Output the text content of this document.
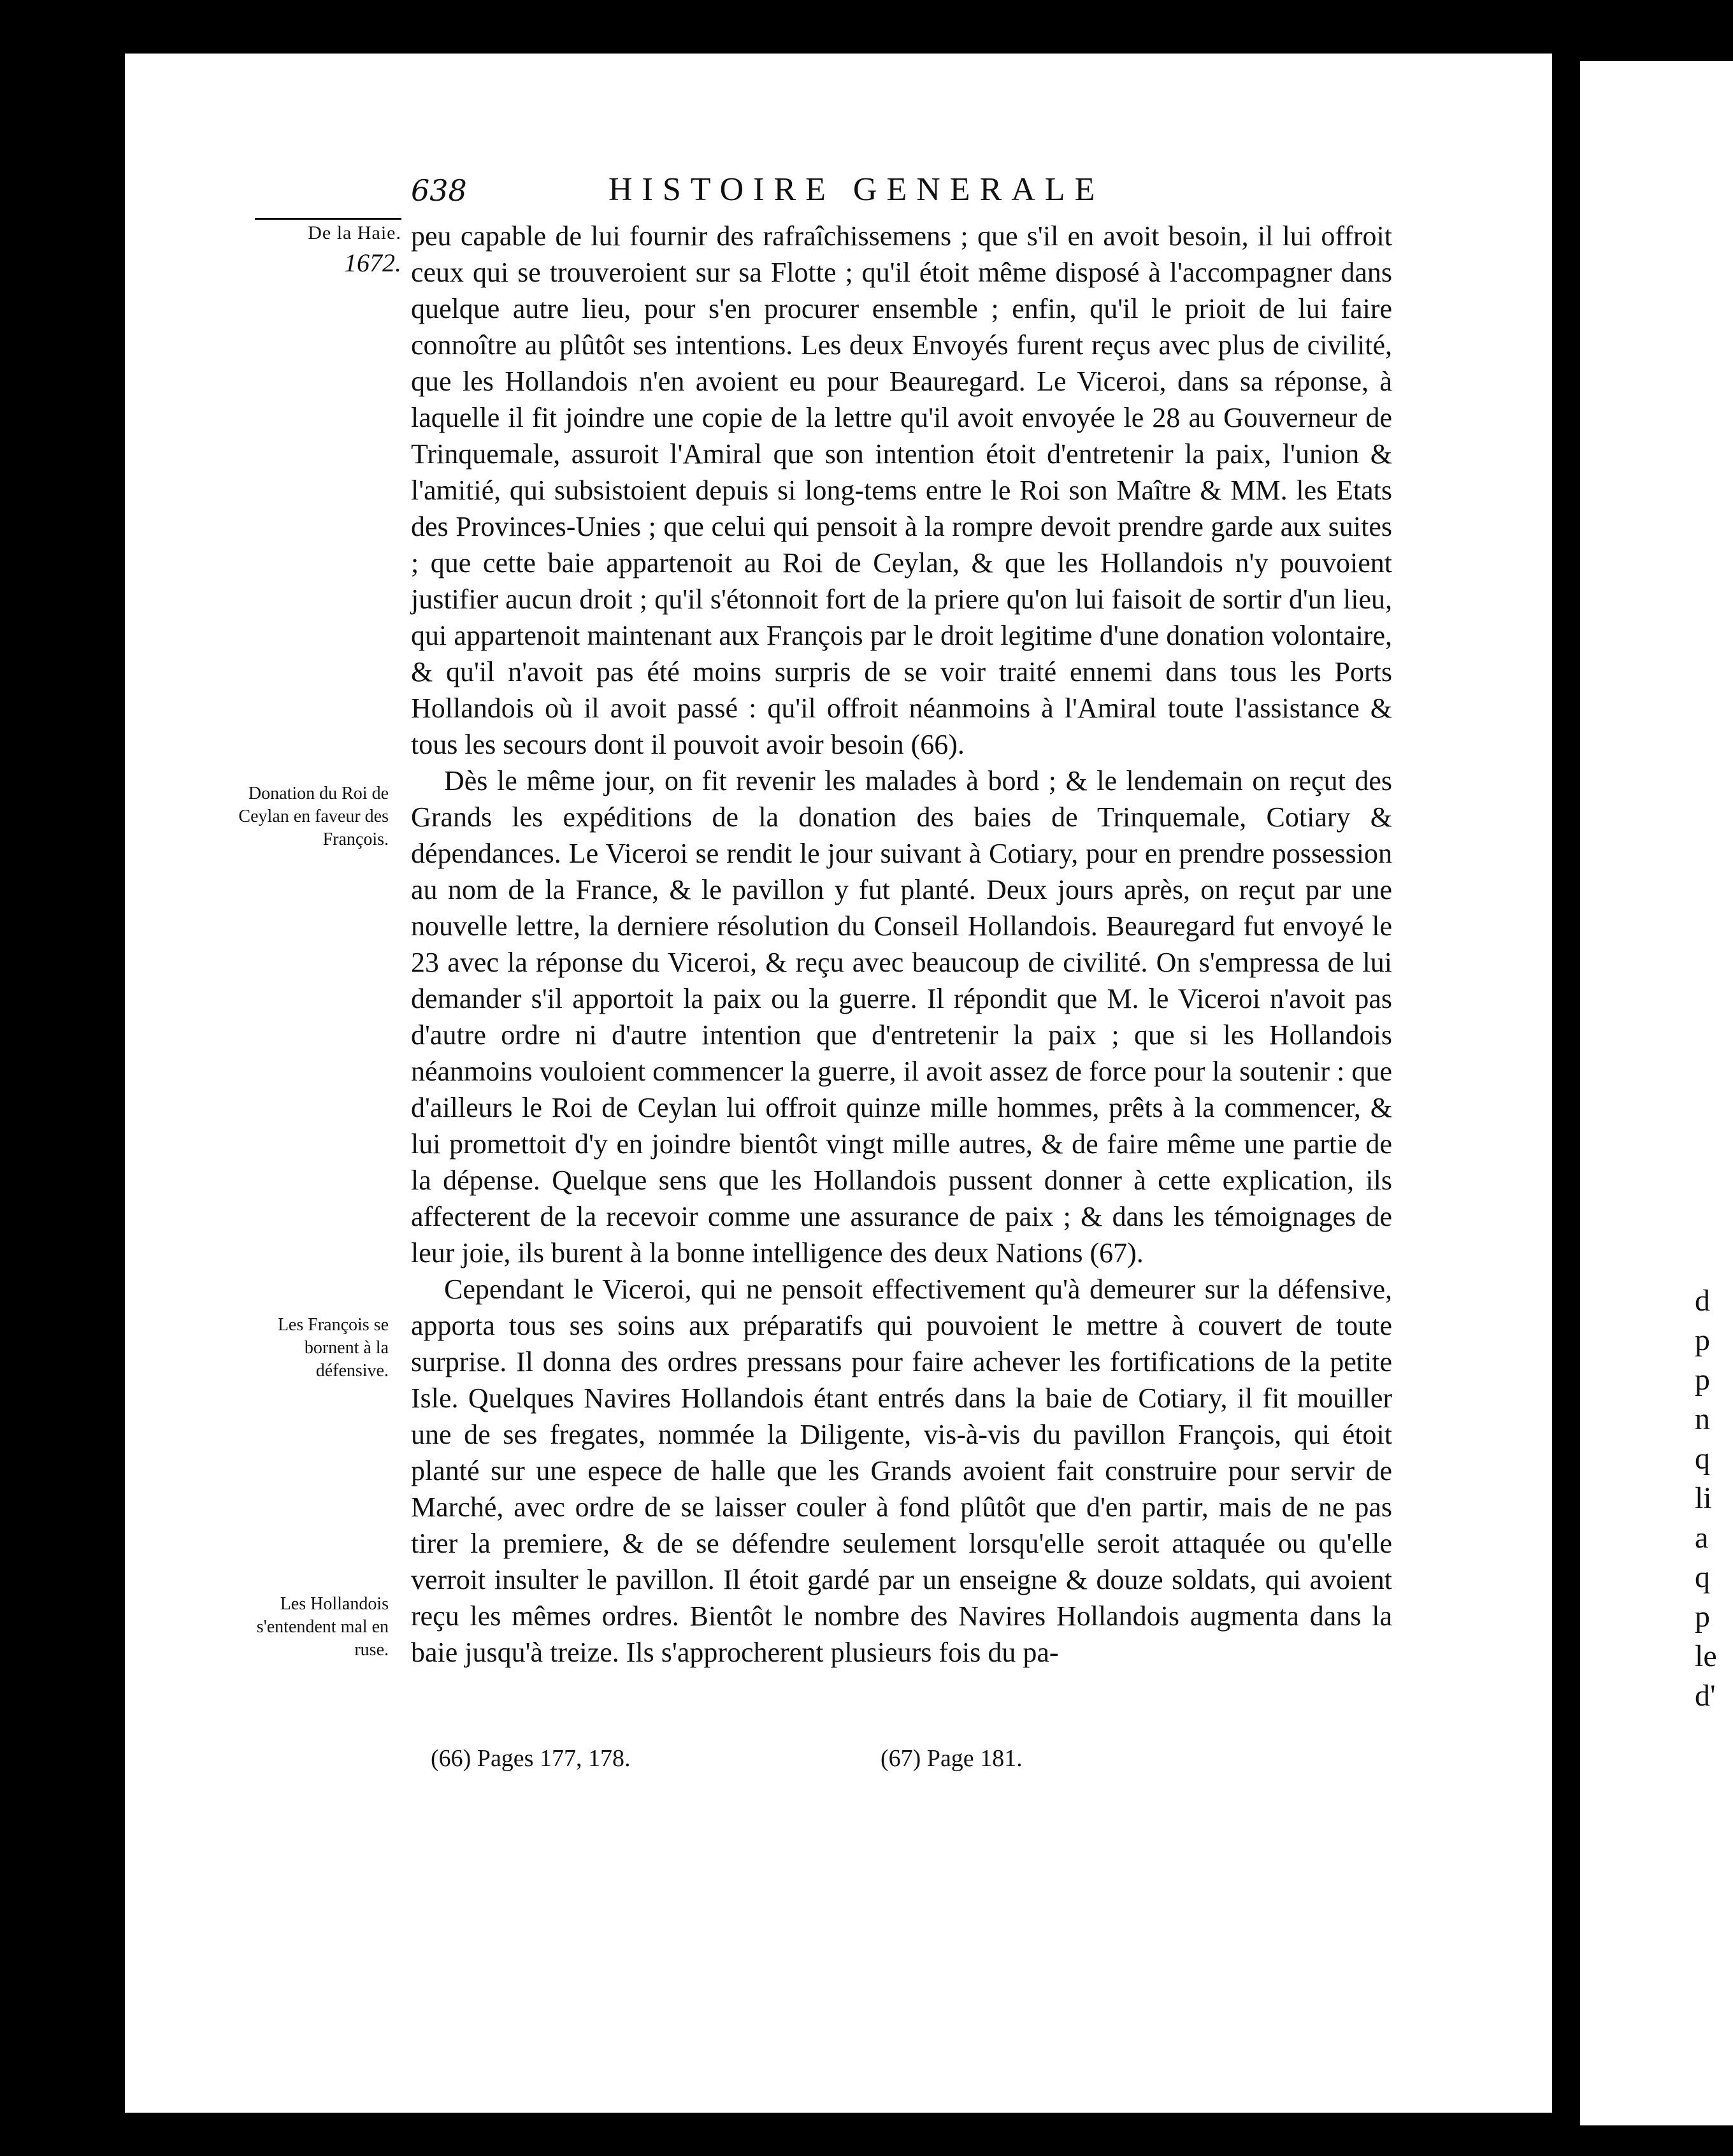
638	HISTOIRE GENERALE
De la Haie.
1672.
Donation du Roi de Ceylan en faveur des François.
Les François se bornent à la défensive.
Les Hollandois s'entendent mal en ruse.

peu capable de lui fournir des rafraîchissemens ; que s'il en avoit besoin, il lui offroit ceux qui se trouveroient sur sa Flotte ; qu'il étoit même disposé à l'accompagner dans quelque autre lieu, pour s'en procurer ensemble ; enfin, qu'il le prioit de lui faire connoître au plûtôt ses intentions. Les deux Envoyés furent reçus avec plus de civilité, que les Hollandois n'en avoient eu pour Beauregard. Le Viceroi, dans sa réponse, à laquelle il fit joindre une copie de la lettre qu'il avoit envoyée le 28 au Gouverneur de Trinquemale, assuroit l'Amiral que son intention étoit d'entretenir la paix, l'union & l'amitié, qui subsistoient depuis si long-tems entre le Roi son Maître & MM. les Etats des Provinces-Unies ; que celui qui pensoit à la rompre devoit prendre garde aux suites ; que cette baie appartenoit au Roi de Ceylan, & que les Hollandois n'y pouvoient justifier aucun droit ; qu'il s'étonnoit fort de la priere qu'on lui faisoit de sortir d'un lieu, qui appartenoit maintenant aux François par le droit legitime d'une donation volontaire, & qu'il n'avoit pas été moins surpris de se voir traité ennemi dans tous les Ports Hollandois où il avoit passé : qu'il offroit néanmoins à l'Amiral toute l'assistance & tous les secours dont il pouvoit avoir besoin (66).

Dès le même jour, on fit revenir les malades à bord ; & le lendemain on reçut des Grands les expéditions de la donation des baies de Trinquemale, Cotiary & dépendances. Le Viceroi se rendit le jour suivant à Cotiary, pour en prendre possession au nom de la France, & le pavillon y fut planté. Deux jours après, on reçut par une nouvelle lettre, la derniere résolution du Conseil Hollandois. Beauregard fut envoyé le 23 avec la réponse du Viceroi, & reçu avec beaucoup de civilité. On s'empressa de lui demander s'il apportoit la paix ou la guerre. Il répondit que M. le Viceroi n'avoit pas d'autre ordre ni d'autre intention que d'entretenir la paix ; que si les Hollandois néanmoins vouloient commencer la guerre, il avoit assez de force pour la soutenir : que d'ailleurs le Roi de Ceylan lui offroit quinze mille hommes, prêts à la commencer, & lui promettoit d'y en joindre bientôt vingt mille autres, & de faire même une partie de la dépense. Quelque sens que les Hollandois pussent donner à cette explication, ils affecterent de la recevoir comme une assurance de paix ; & dans les témoignages de leur joie, ils burent à la bonne intelligence des deux Nations (67).

Cependant le Viceroi, qui ne pensoit effectivement qu'à demeurer sur la défensive, apporta tous ses soins aux préparatifs qui pouvoient le mettre à couvert de toute surprise. Il donna des ordres pressans pour faire achever les fortifications de la petite Isle. Quelques Navires Hollandois étant entrés dans la baie de Cotiary, il fit mouiller une de ses fregates, nommée la Diligente, vis-à-vis du pavillon François, qui étoit planté sur une espece de halle que les Grands avoient fait construire pour servir de Marché, avec ordre de se laisser couler à fond plûtôt que d'en partir, mais de ne pas tirer la premiere, & de se défendre seulement lorsqu'elle seroit attaquée ou qu'elle verroit insulter le pavillon. Il étoit gardé par un enseigne & douze soldats, qui avoient reçu les mêmes ordres. Bientôt le nombre des Navires Hollandois augmenta dans la baie jusqu'à treize. Ils s'approcherent plusieurs fois du pa-

(66) Pages 177, 178.	(67) Page 181.
d
p
p
n
q
li
a
q
p
le
d'
